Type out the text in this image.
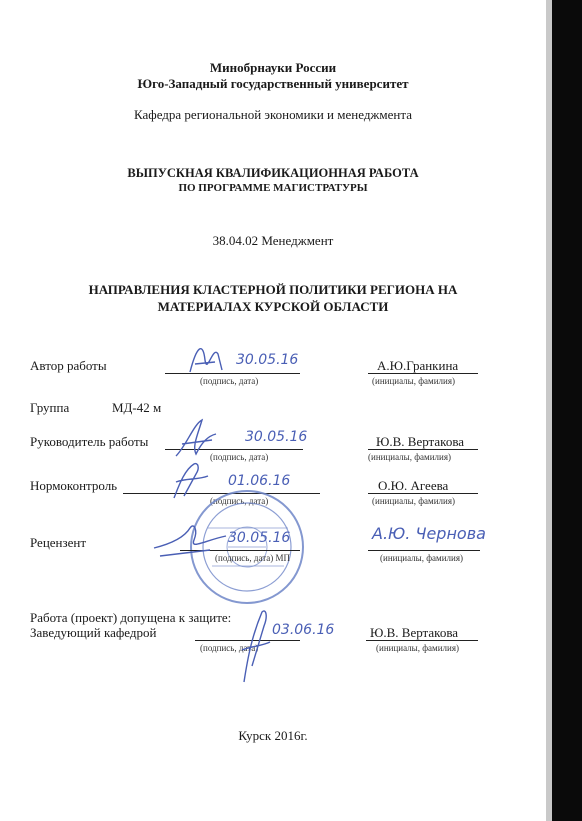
Минобрнауки России
Юго-Западный государственный университет
Кафедра региональной экономики и менеджмента
ВЫПУСКНАЯ КВАЛИФИКАЦИОННАЯ РАБОТА
ПО ПРОГРАММЕ МАГИСТРАТУРЫ
38.04.02 Менеджмент
НАПРАВЛЕНИЯ КЛАСТЕРНОЙ ПОЛИТИКИ РЕГИОНА НА
МАТЕРИАЛАХ КУРСКОЙ ОБЛАСТИ
Автор работы
(подпись, дата)
30.05.16	А.Ю.Гранкина
(инициалы, фамилия)
Группа	МД-42 м
Руководитель работы
(подпись, дата)
30.05.16	Ю.В. Вертакова
(инициалы, фамилия)
Нормоконтроль
(подпись, дата)
01.06.16	О.Ю. Агеева
(инициалы, фамилия)
Рецензент
(подпись, дата) МП
30.05.16	А.Ю. Чернова
(инициалы, фамилия)
Работа (проект) допущена к защите:
Заведующий кафедрой
(подпись, дата)
03.06.16	Ю.В. Вертакова
(инициалы, фамилия)
Курск 2016г.
